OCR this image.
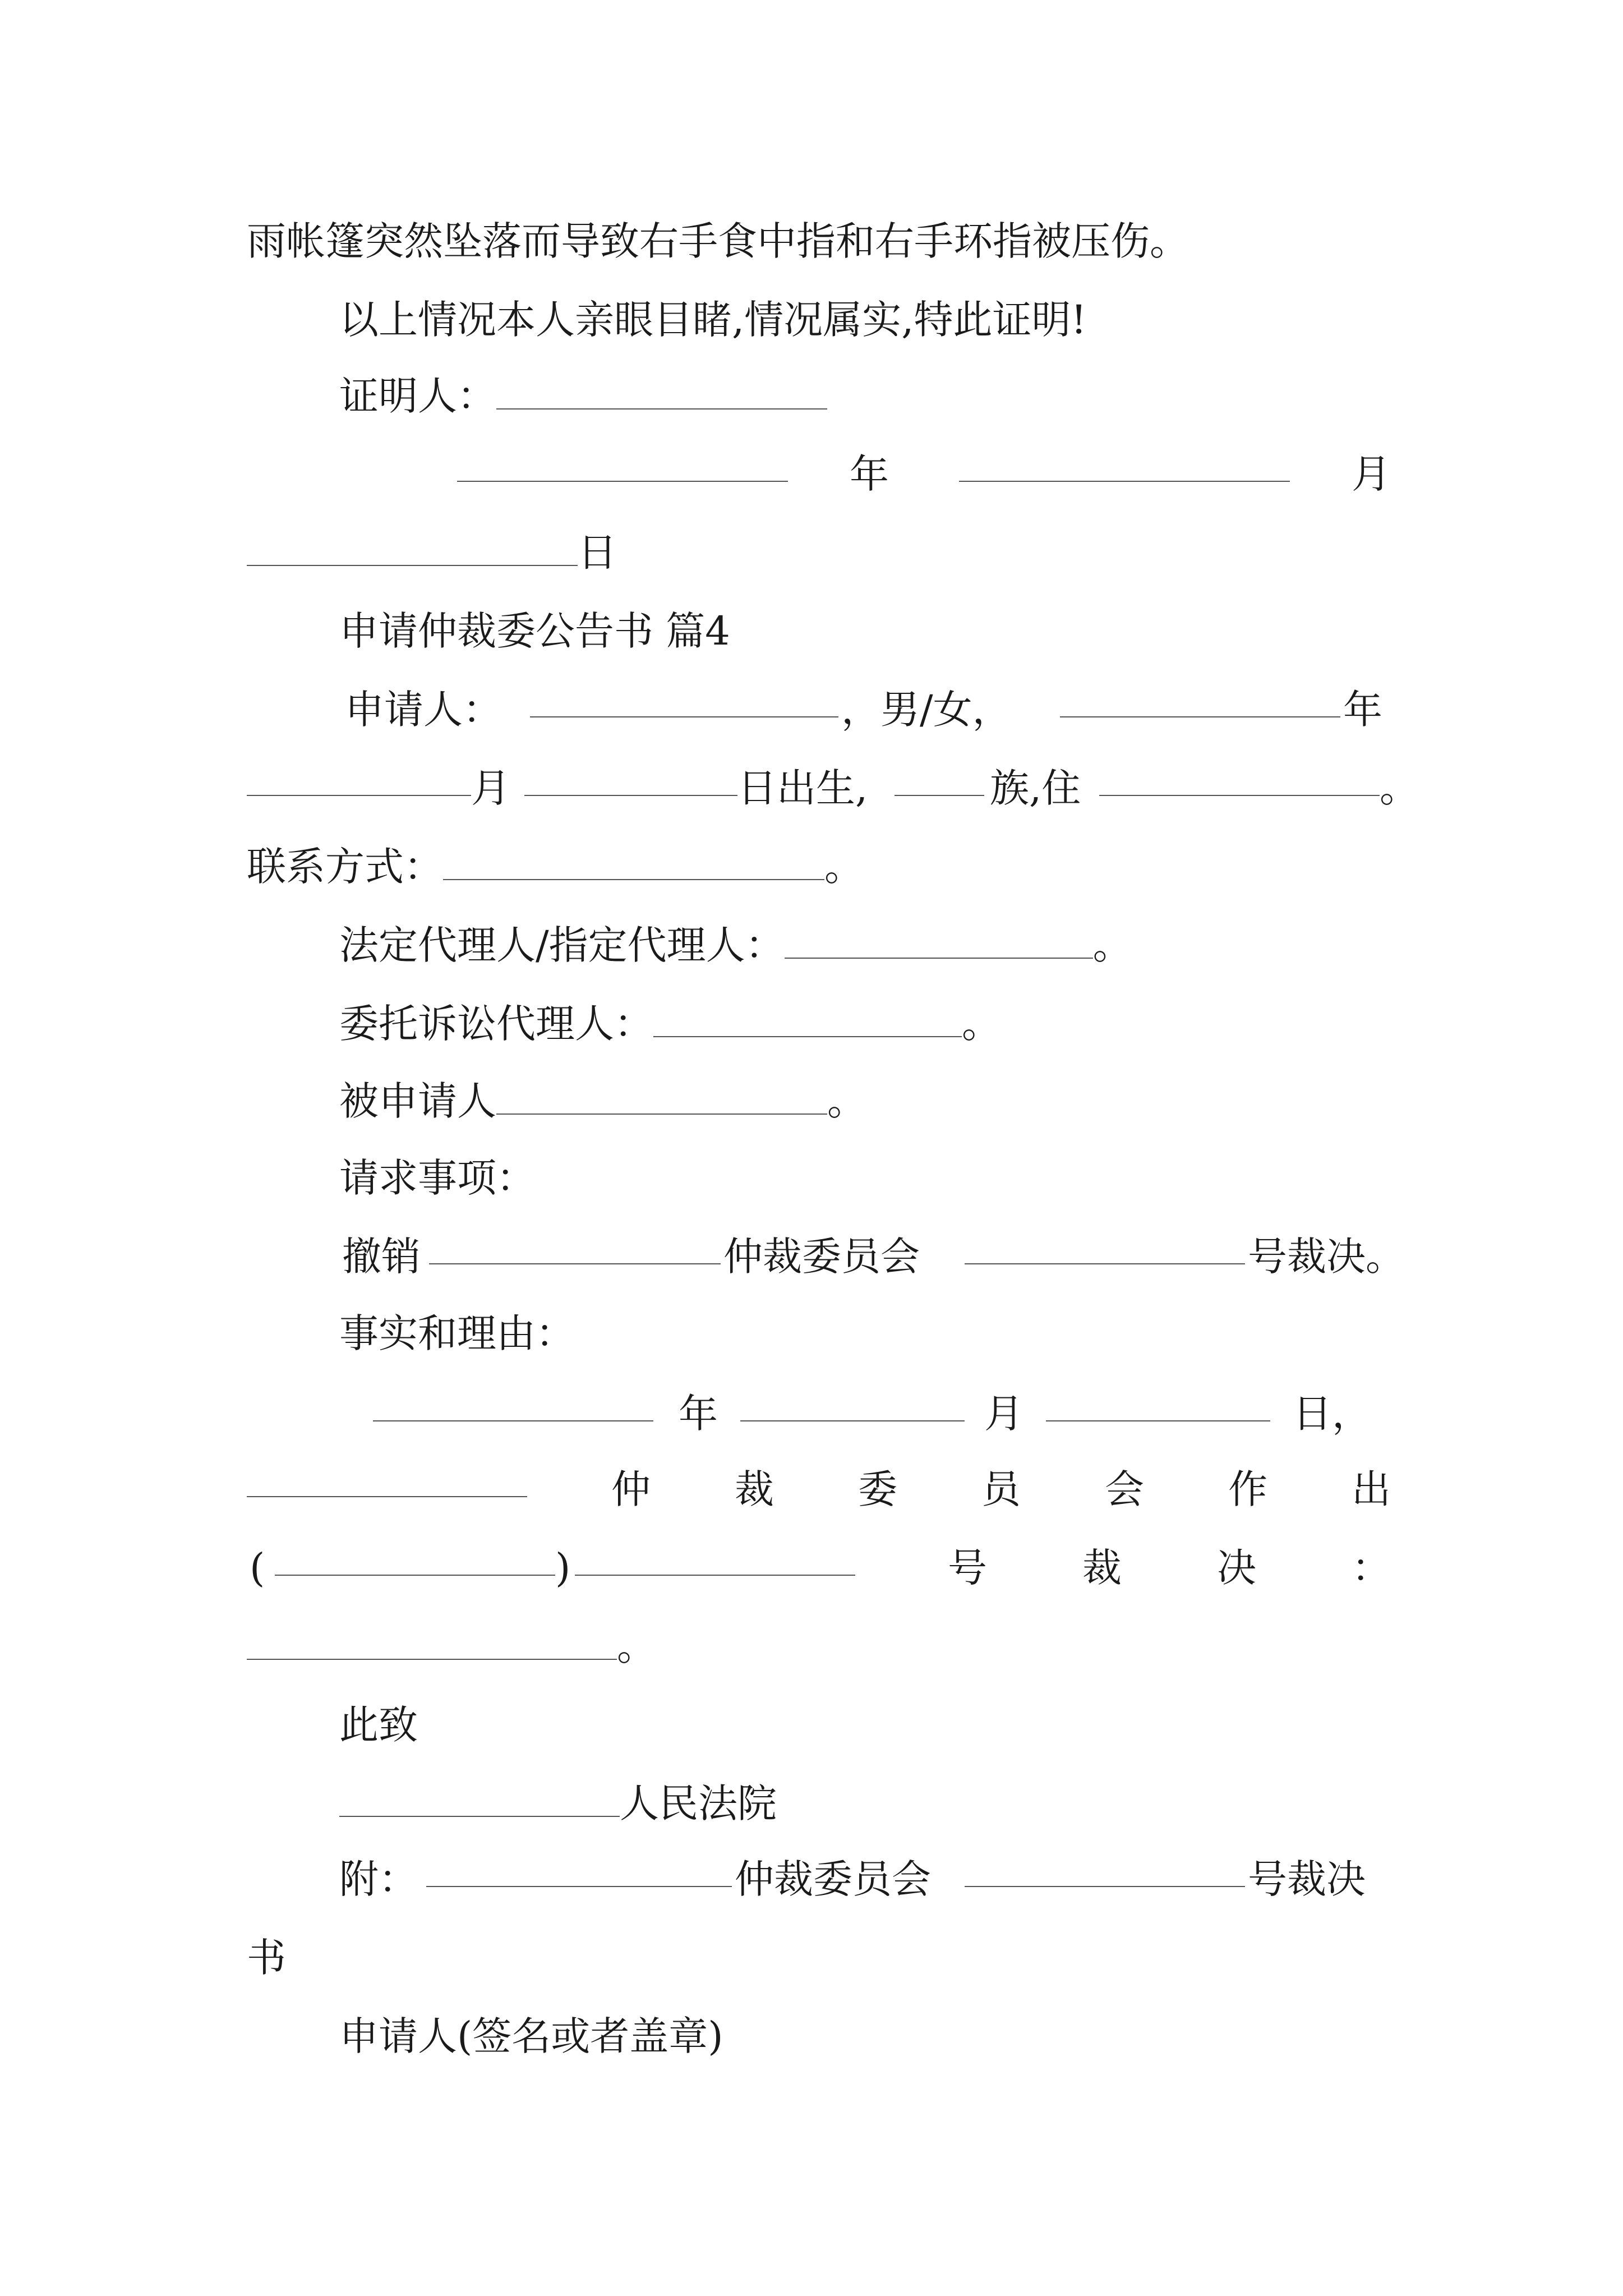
雨帐篷突然坠落而导致右手食中指和右手环指被压伤。
以上情况本人亲眼目睹,情况属实,特此证明!
证明人：
年	月
日
申请仲裁委公告书 篇4
申请人：	，男/女，	年
月	日出生,	族,住	。
联系方式：	。
法定代理人/指定代理人：	。
委托诉讼代理人：	。
被申请人	。
请求事项：
撤销	仲裁委员会	号裁决。
事实和理由：
年	月	日，
仲 裁 委 员 会 作 出
(	)	号 裁 决 ：
。
此致
人民法院
附：	仲裁委员会	号裁决
书
申请人(签名或者盖章)
